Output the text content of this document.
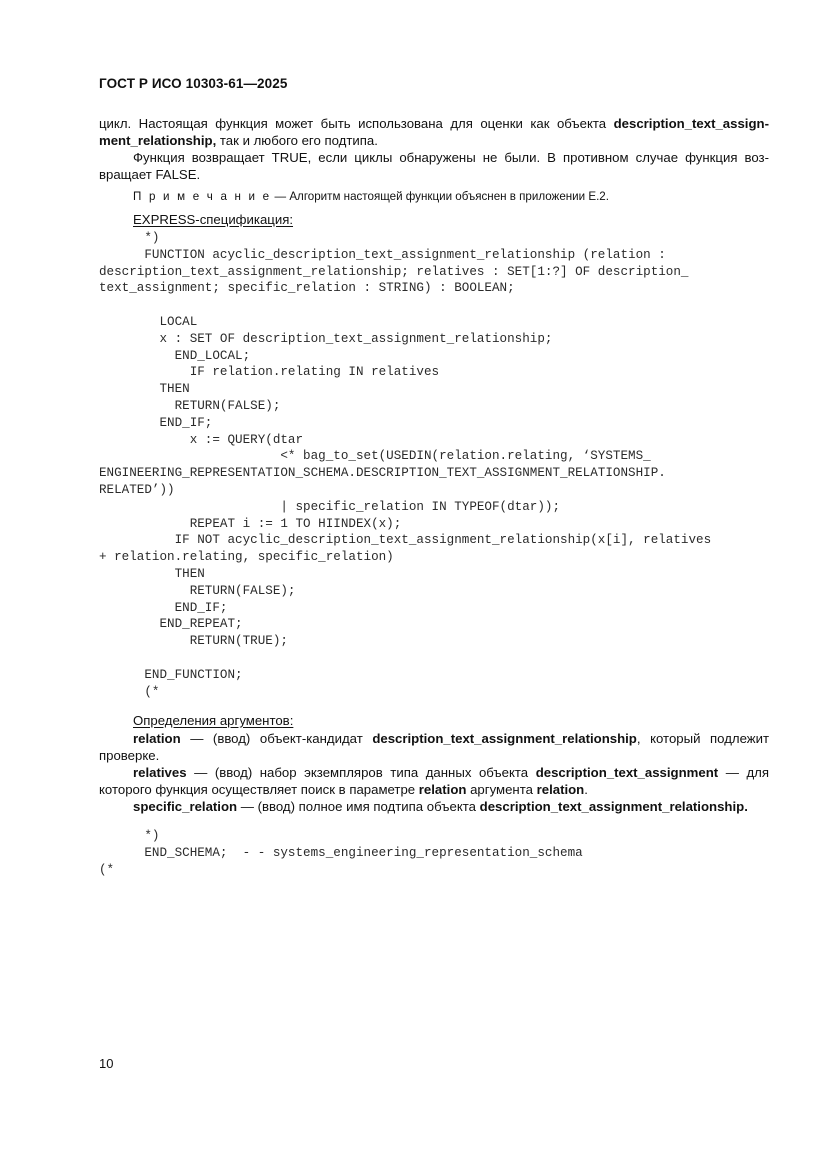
ГОСТ Р ИСО 10303-61—2025

цикл. Настоящая функция может быть использована для оценки как объекта description_text_assignment_relationship, так и любого его подтипа.

Функция возвращает TRUE, если циклы обнаружены не были. В противном случае функция возвращает FALSE.

П р и м е ч а н и е — Алгоритм настоящей функции объяснен в приложении Е.2.
EXPRESS-спецификация:
*)
FUNCTION acyclic_description_text_assignment_relationship (relation :
description_text_assignment_relationship; relatives : SET[1:?] OF description_
text_assignment; specific_relation : STRING) : BOOLEAN;

LOCAL
x : SET OF description_text_assignment_relationship;
END_LOCAL;
IF relation.relating IN relatives
THEN
RETURN(FALSE);
END_IF;
x := QUERY(dtar
<* bag_to_set(USEDIN(relation.relating, ‘SYSTEMS_
ENGINEERING_REPRESENTATION_SCHEMA.DESCRIPTION_TEXT_ASSIGNMENT_RELATIONSHIP.
RELATED’))
| specific_relation IN TYPEOF(dtar));
REPEAT i := 1 TO HIINDEX(x);
IF NOT acyclic_description_text_assignment_relationship(x[i], relatives
+ relation.relating, specific_relation)
THEN
RETURN(FALSE);
END_IF;
END_REPEAT;
RETURN(TRUE);

END_FUNCTION;
(*
Определения аргументов:

relation — (ввод) объект-кандидат description_text_assignment_relationship, который подлежит проверке.

relatives — (ввод) набор экземпляров типа данных объекта description_text_assignment — для которого функция осуществляет поиск в параметре relation аргумента relation.

specific_relation — (ввод) полное имя подтипа объекта description_text_assignment_relationship.

*)
END_SCHEMA;  - - systems_engineering_representation_schema
(*
10
